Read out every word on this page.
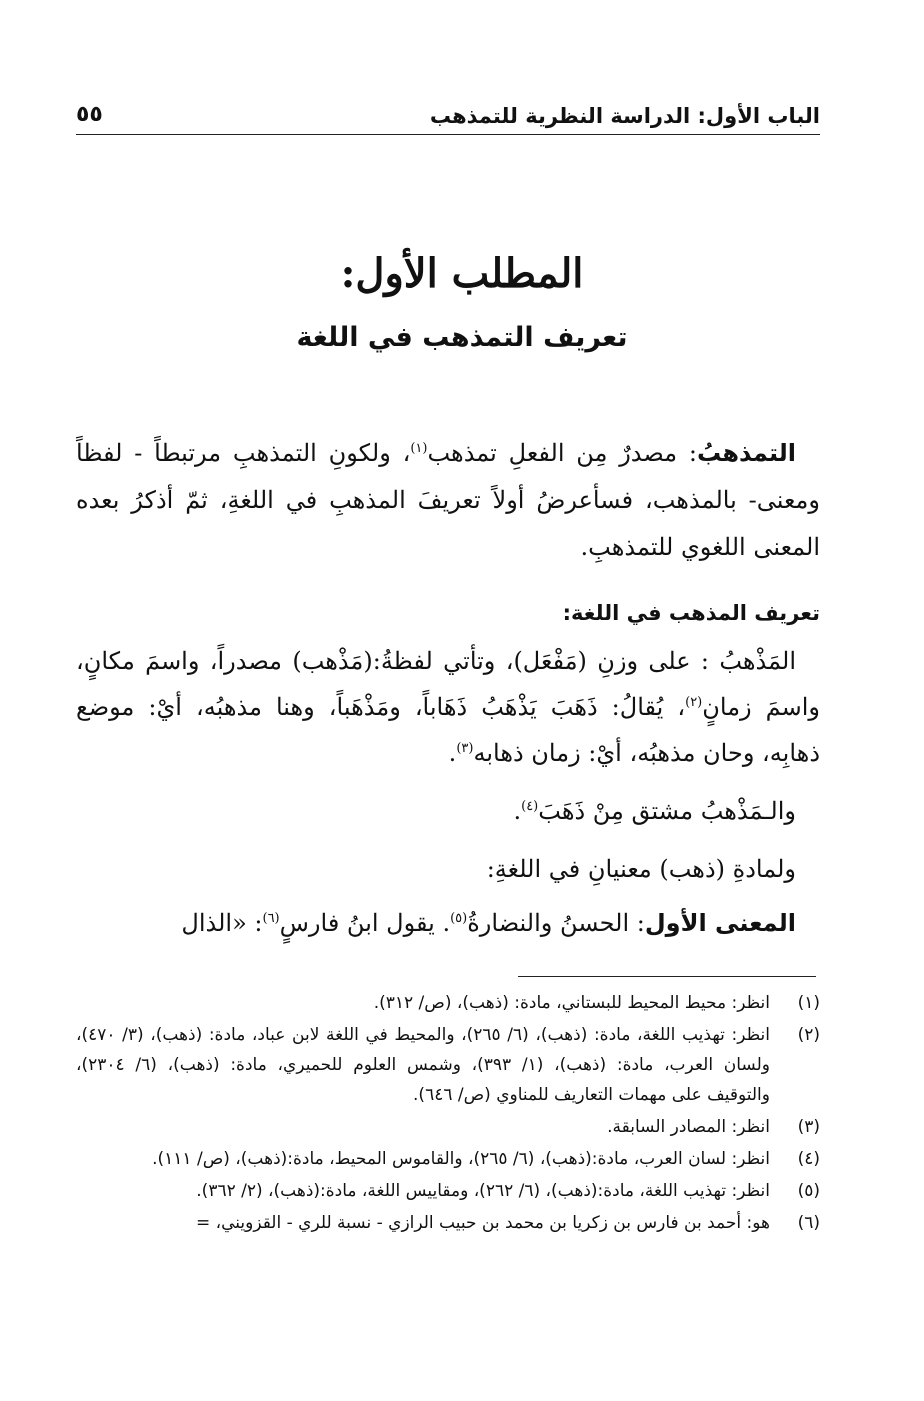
الباب الأول: الدراسة النظرية للتمذهب
٥٥
المطلب الأول:
تعريف التمذهب في اللغة

التمذهبُ: مصدرٌ مِن الفعلِ تمذهب$^{(١)}$، ولكونِ التمذهبِ مرتبطاً - لفظاً ومعنى- بالمذهب، فسأعرضُ أولاً تعريفَ المذهبِ في اللغةِ، ثمّ أذكرُ بعده المعنى اللغوي للتمذهبِ.

تعريف المذهب في اللغة:

المَذْهبُ : على وزنِ (مَفْعَل)، وتأتي لفظةُ:(مَذْهب) مصدراً، واسمَ مكانٍ، واسمَ زمانٍ$^{(٢)}$، يُقالُ: ذَهَبَ يَذْهَبُ ذَهَاباً، ومَذْهَباً، وهنا مذهبُه، أيْ: موضع ذهابِه، وحان مذهبُه، أيْ: زمان ذهابه$^{(٣)}$.

والـمَذْهبُ مشتق مِنْ ذَهَبَ$^{(٤)}$.

ولمادةِ (ذهب) معنيانِ في اللغةِ:

المعنى الأول: الحسنُ والنضارةُ$^{(٥)}$. يقول ابنُ فارسٍ$^{(٦)}$: «الذال

(١)
انظر: محيط المحيط للبستاني، مادة: (ذهب)، (ص/ ٣١٢).
(٢)
انظر: تهذيب اللغة، مادة: (ذهب)، (٦/ ٢٦٥)، والمحيط في اللغة لابن عباد، مادة: (ذهب)، (٣/ ٤٧٠)، ولسان العرب، مادة: (ذهب)، (١/ ٣٩٣)، وشمس العلوم للحميري، مادة: (ذهب)، (٦/ ٢٣٠٤)، والتوقيف على مهمات التعاريف للمناوي (ص/ ٦٤٦).
(٣)
انظر: المصادر السابقة.
(٤)
انظر: لسان العرب، مادة:(ذهب)، (٦/ ٢٦٥)، والقاموس المحيط، مادة:(ذهب)، (ص/ ١١١).
(٥)
انظر: تهذيب اللغة، مادة:(ذهب)، (٦/ ٢٦٢)، ومقاييس اللغة، مادة:(ذهب)، (٢/ ٣٦٢).
(٦)
هو: أحمد بن فارس بن زكريا بن محمد بن حبيب الرازي - نسبة للري - القزويني، =
